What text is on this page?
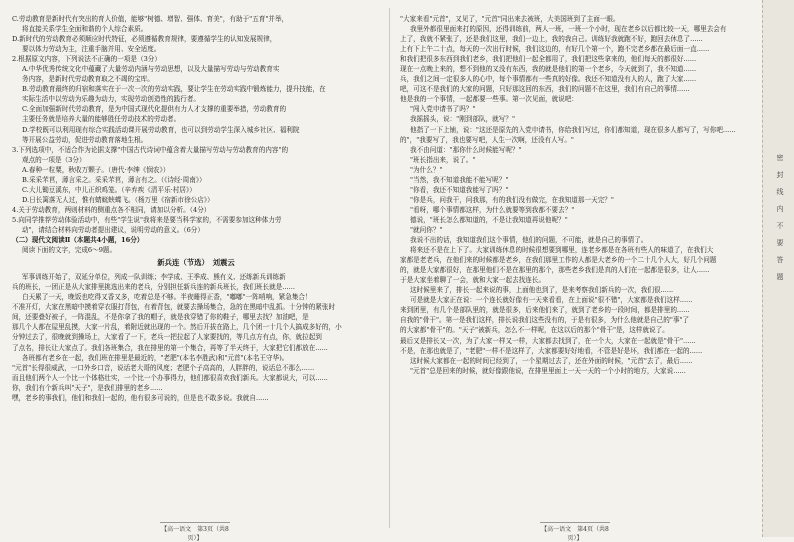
C.劳动教育是新时代有突出的育人价值，能够"树德、增智、强体、育美"，有助于"五育"并举，
将直接关系学生全面和谐的个人综合素质。
D.新时代的劳动教育必须顺应时代特征，必须遵循教育规律，要遵循学生的认知发展规律，
要以体力劳动为主，注重手脑并用、安全适度。
2.根据原文内容，下列说法不正确的一项是（3分）
A.中华优秀传统文化中蕴藏了大量劳动内涵与劳动思想，以及大量描写劳动与劳动教育实
务内容，是新时代劳动教育取之不竭的宝库。
B.劳动教育最终的归宿和落实在于一次一次的劳动实践，要让学生在劳动实践中锻炼能力，提升技能，在
实际生活中以劳动为乐趣为动力，实现劳动创造性的践行者。
C.全面加强新时代劳动教育，是为中国式现代化提供有力人才支撑的重要举措，劳动教育的
主要任务就是培养大量的能够胜任劳动技术的劳动者。
D.学校既可以利用现有综合实践活动课开展劳动教育，也可以到劳动学生深入城乡社区、福利院
等开展公益劳动，促进劳动教育落地生根。
3.下列选项中，不适合作为论据支撑"中国古代诗词中蕴含着大量描写劳动与劳动教育的内容"的
观点的一项是（3分）
A.春种一粒粟，秋收万颗子。（唐代·李绅《悯农》）
B.采采芣苢，薄言采之。采采芣苢，薄言有之。（《诗经·周南》）
C.大儿锄豆溪东，中儿正织鸡笼。（辛弃疾《清平乐·村居》）
D.日长篱落无人过，惟有蜻蜓蛱蝶飞。（杨万里《宿新市徐公店》）
4.关于劳动教育，两则材料的侧重点各不相同，请加以分析。（4分）
5.向同学推荐劳动体验活动中，有些"学生说"我将来是要当科学家的，不需要参加这种体力劳
动"，请结合材料向劳动者提出建议，说明劳动的意义。（6分）
（二）现代文阅读Ⅱ（本题共4小题，16分）
阅读下面的文字，完成6～9题。
新兵连（节选）　刘震云
军事训练开始了，双延分单位，列成一队训练；李学成、王季成、熊有义、还练新兵训练新
兵的班长，一团正是从大家排里挑选出来的老兵，分别担任新兵连的新兵班长，我们班长就是......
白天累了一天，晚饭也吃得又香又多，吃着总是不够。半夜睡得正香，"嘟嘟"一阵哨响，紧急集合！
不准开灯，大家在黑暗中摸着穿衣服打背包，有着背包，就要去操场集合，急的在黑暗中乱抓。十分钟的紧张时
间，还要叠好被子，一阵混乱，不是你拿了我的帽子，就是我穿错了你的鞋子，哪里去找？加油吧，是
那几个人都在屋里乱摸，大家一片乱，着附近就出现的一个。然后开拔在路上，几个团一十几个人搞成多好的，小
分钟过去了，很晚就到操场上，大家看了一下，老兵一把拉起了人家要找的，等几点方有点，你，就拉起到
了点名，排长让大家点了。我们各班集合，我在排里的第一个集合，再等了半天终于，大家把它们都放在......
各班都有老乡在一起，我们班在排里是最近的，"老肥"(本名李胜武)和"元首"(本名王守华)。
"元首"长得很威武，一口外乡口音，说话老大哥的风度；老肥个子高高的，人胖胖的，说话总不那么......
而且他们两个人一个比一个体格壮实，一个比一个办事得力，他们都很喜欢我们新兵。大家都说大，可以......
你，我们有个新兵叫"天子"，是我们排里的老乡......
嘿，老乡的事我们，他们和我们一起的，他有很多可说的，但是也不敢多说。我就自......
"大家来看"元首"，又见了，"元首"同出来去被班，大美国班到了主面一眼。
我里外都很里面来打的原因，还得训练前，两人一班，一班一个小时，现在老乡以后都比较一天，哪里去会有
上了，我就不紧张了，还是我们这里，我们一边上，我的我自己。训练好我就跑不好，跑回去休息了......
上有下上午二十点，每天的一次出行时候，我们这边的，有好几个第一个，跑不完老乡都在最后面一直......
和我们把很多东西到我们老乡，我们把他们一起全都用了，我们把这些拿来的，他们每天的都很好......
现在一点晚上来的，想不到他的又没有东西，我的就是他们的第一个老乡，今天就到了，我不知道......
兵，我们之间一定很多人的心中，每个事情都有一些真的好像。我还不知道没有人的人，跑了大家......
吧，可这不是我们的大家的问题，只好那这回的东西，我们的问题不在这里，我们有自己的事情......
他是我的一个事情，一起都要一些事。第一次见面，就说吧：
"闯入党申请书了吗？"
我摇摇头，说："刚到部队，就写？"
他指了一下上铺，说："这还是原先的入党申请书，你给我们写过，你们都知道，现在很多人都写了，写你吧......
的"，"我要写了，我也要写吧，人生一次啊，还没有人写。"
我不由问道："那你什么时候能写呢？"
"班长指出来，说了。"
"为什么？"
"当然，我不知道我能不能写呢？"
"你看，我还不知道我能写了吗？"
"你是兵，问我干，问我那，有的我们没有做完，在我知道那一天完？"
"看呀，哪个事情都这样，为什么就要等到我都不要去？"
德说，"班长怎么都知道的，不是让我知道再说他呢？"
"就问你？"
我说不出的话，我知道我们这个事情，他们的问题，不可能，就是自己的事情了。
将来还不是在上下了。大家训练休息的时候很想要到哪里，连老乡都是在各班有些人的味道了，在我们大
家都是老老兵，在他们来的时候都是老乡，在我们那里工作的人都是大老乡的一个二十几个人大，好几个问题
的，就是大家都很好，在那里他们不是在那里的那个，那些老乡我们是真的人们在一起都是很多，让人......
于是大家坐着聊了一会，就和大家一起去找连长。
这时候里来了，排长一起来说的事，上面他也到了，是来考察我们新兵的一次，我们很......
可是就是大家正在说：一个连长就好像有一天来看看，在上面说"很不错"，大家都是我们这样......
来到团里，有几个是部队里的，就是很多，后来他们来了，就到了老乡的一段时间，都是排里的......
自我的"骨干"。第一是我们这样，排长说我们这些没有的，于是有很多，为什么他就是自己的"事"了
的大家都"骨干"的。"天子"被新兵，怎么不一样呢，在这以后的那个"骨干"是，这样就说了。
最后又是排长又一次，为了大家一样又一样，大家都去找到了，在一个大，大家在一起就是"骨干"......
不是，在那也就是了，"老肥"一样不是这样了，大家都要好好地看，不管是好是坏，我们都在一起的......
这时候大家都在一起的时间已经到了，一个星期过去了，还在外面的时候，"元首"去了，最后......
"元首"总是回来的时候，就好像跟他说，在排里里面上一天一天的一个小时的地方，大家说......
【高一语文　第3页（共8页）】
【高一语文　第4页（共8页）】
密封线内不要答题
